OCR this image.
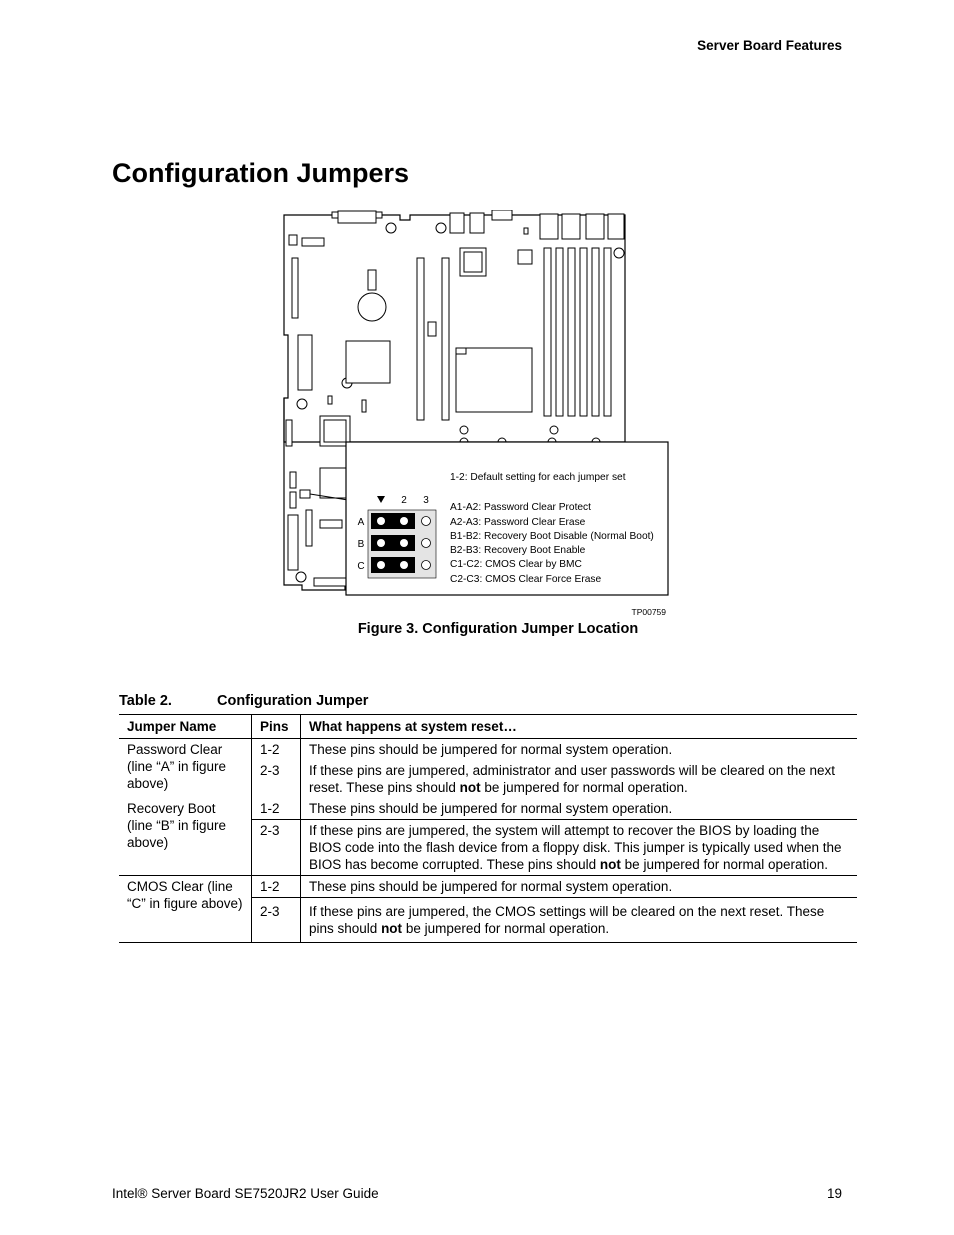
Server Board Features
Configuration Jumpers
2 3
A
B
C
1-2: Default setting for each jumper set
A1-A2: Password Clear Protect
A2-A3: Password Clear Erase
B1-B2: Recovery Boot Disable (Normal Boot)
B2-B3: Recovery Boot Enable
C1-C2: CMOS Clear by BMC
C2-C3: CMOS Clear Force Erase
TP00759
Figure 3. Configuration Jumper Location
Table 2.	Configuration Jumper
Jumper Name	Pins	What happens at system reset…
Password Clear (line “A” in figure above)	1-2	These pins should be jumpered for normal system operation.
	2-3	If these pins are jumpered, administrator and user passwords will be cleared on the next reset. These pins should not be jumpered for normal operation.
Recovery Boot (line “B” in figure above)	1-2	These pins should be jumpered for normal system operation.
	2-3	If these pins are jumpered, the system will attempt to recover the BIOS by loading the BIOS code into the flash device from a floppy disk. This jumper is typically used when the BIOS has become corrupted. These pins should not be jumpered for normal operation.
CMOS Clear (line “C” in figure above)	1-2	These pins should be jumpered for normal system operation.
	2-3	If these pins are jumpered, the CMOS settings will be cleared on the next reset. These pins should not be jumpered for normal operation.
Intel® Server Board SE7520JR2 User Guide	19
